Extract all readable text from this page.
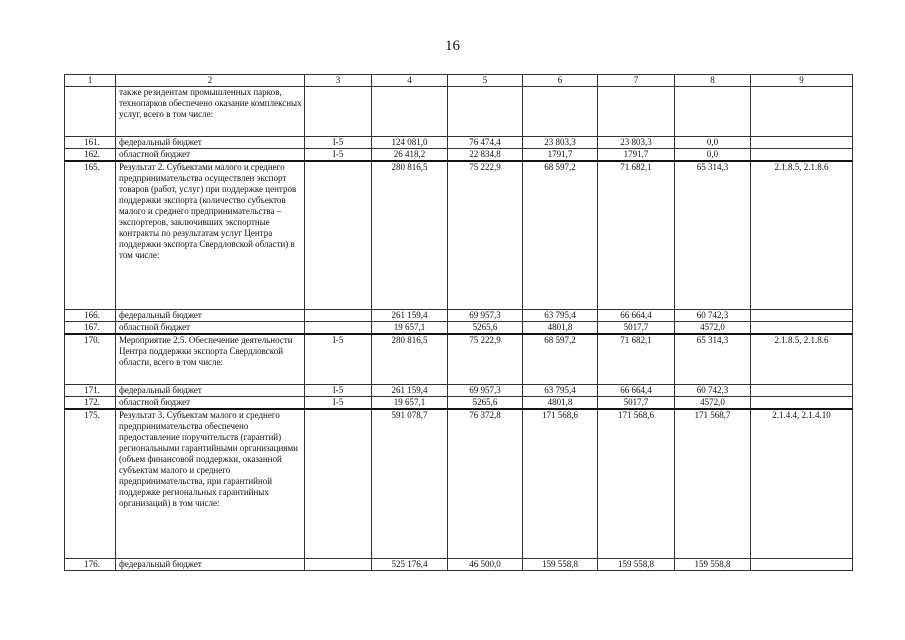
16
1	2	3	4	5	6	7	8	9
	также резидентам промышленных парков, технопарков обеспечено оказание комплексных услуг, всего в том числе:							
161.	федеральный бюджет	I-5	124 081,0	76 474,4	23 803,3	23 803,3	0,0	
162.	областной бюджет	I-5	26 418,2	22 834,8	1791,7	1791,7	0,0	
165.	Результат 2. Субъектами малого и среднего предпринимательства осуществлен экспорт товаров (работ, услуг) при поддержке центров поддержки экспорта (количество субъектов малого и среднего предпринимательства – экспортеров, заключивших экспортные контракты по результатам услуг Центра поддержки экспорта Свердловской области) в том числе:		280 816,5	75 222,9	68 597,2	71 682,1	65 314,3	2.1.8.5, 2.1.8.6
166.	федеральный бюджет		261 159,4	69 957,3	63 795,4	66 664,4	60 742,3	
167.	областной бюджет		19 657,1	5265,6	4801,8	5017,7	4572,0	
170.	Мероприятие 2.5. Обеспечение деятельности Центра поддержки экспорта Свердловской области, всего в том числе:	I-5	280 816,5	75 222,9	68 597,2	71 682,1	65 314,3	2.1.8.5, 2.1.8.6
171.	федеральный бюджет	I-5	261 159,4	69 957,3	63 795,4	66 664,4	60 742,3	
172.	областной бюджет	I-5	19 657,1	5265,6	4801,8	5017,7	4572,0	
175.	Результат 3. Субъектам малого и среднего предпринимательства обеспечено предоставление поручительств (гарантий) региональными гарантийными организациями (объем финансовой поддержки, оказанной субъектам малого и среднего предпринимательства, при гарантийной поддержке региональных гарантийных организаций) в том числе:		591 078,7	76 372,8	171 568,6	171 568,6	171 568,7	2.1.4.4, 2.1.4.10
176.	федеральный бюджет		525 176,4	46 500,0	159 558,8	159 558,8	159 558,8	
